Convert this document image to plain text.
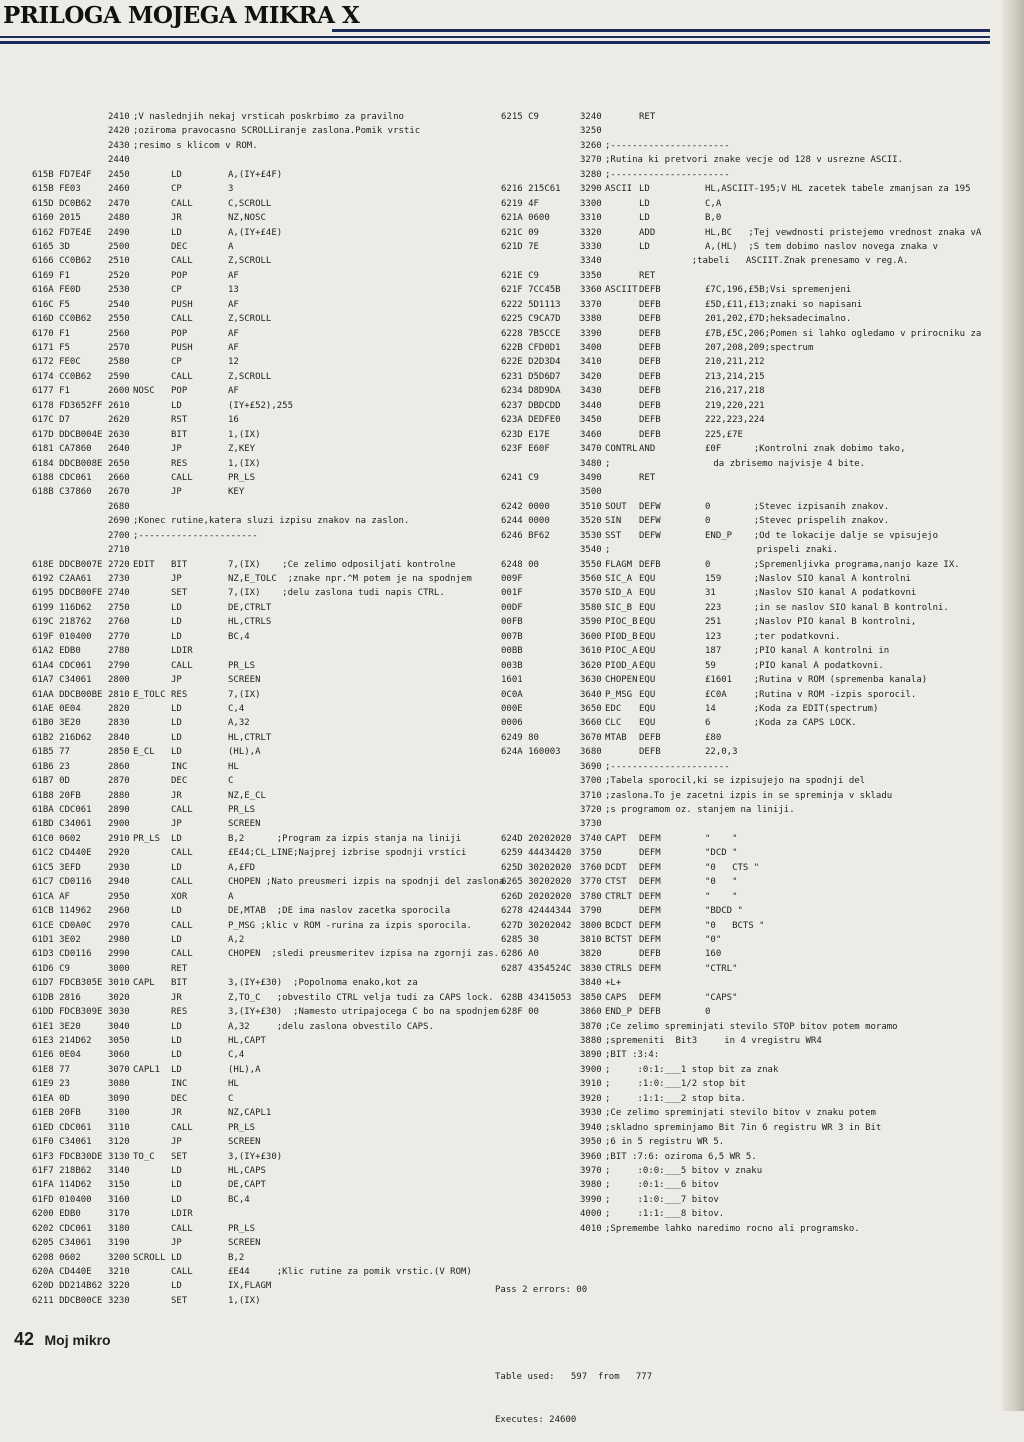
PRILOGA MOJEGA MIKRA X
2410 ;V naslednjih nekaj vrsticah poskrbimo za pravilno
2420 ;oziroma pravocasno SCROLLiranje zaslona.Pomik vrstic
2430 ;resimo s klicom v ROM.
2440
615B FD7E4F 2450	LD	A,(IY+£4F)
615B FE03	2460	CP	3
615D DC0B62 2470	CALL	C,SCROLL
6160 2015	2480	JR	NZ,NOSC
6162 FD7E4E 2490	LD	A,(IY+£4E)
6165 3D	2500	DEC	A
6166 CC0B62 2510	CALL	Z,SCROLL
6169 F1	2520	POP	AF
616A FE0D	2530	CP	13
616C F5	2540	PUSH	AF
616D CC0B62 2550	CALL	Z,SCROLL
6170 F1	2560	POP	AF
6171 F5	2570	PUSH	AF
6172 FE0C	2580	CP	12
6174 CC0B62 2590	CALL	Z,SCROLL
6177 F1	2600 NOSC POP	AF
6178 FD3652FF 2610	LD	(IY+£52),255
617C D7	2620	RST	16
617D DDCB004E 2630	BIT	1,(IX)
6181 CA7860 2640	JP	Z,KEY
6184 DDCB008E 2650	RES	1,(IX)
6188 CDC061 2660	CALL	PR_LS
618B C37860 2670	JP	KEY
2680
2690 ;Konec rutine,katera sluzi izpisu znakov na zaslon.
2700 ;----------------------
2710
618E DDCB007E 2720 EDIT BIT	7,(IX)    ;Ce zelimo odposiljati kontrolne
6192 C2AA61 2730	JP	NZ,E_TOLC  ;znake npr.^M potem je na spodnjem
6195 DDCB00FE 2740	SET	7,(IX)    ;delu zaslona tudi napis CTRL.
6199 116D62 2750	LD	DE,CTRLT
619C 218762 2760	LD	HL,CTRLS
619F 010400 2770	LD	BC,4
61A2 EDB0	2780	LDIR
61A4 CDC061 2790	CALL	PR_LS
61A7 C34061 2800	JP	SCREEN
61AA DDCB00BE 2810 E_TOLC RES	7,(IX)
61AE 0E04	2820	LD	C,4
61B0 3E20	2830	LD	A,32
61B2 216D62 2840	LD	HL,CTRLT
61B5 77	2850 E_CL LD	(HL),A
61B6 23	2860	INC	HL
61B7 0D	2870	DEC	C
61B8 20FB	2880	JR	NZ,E_CL
61BA CDC061 2890	CALL	PR_LS
61BD C34061 2900	JP	SCREEN
61C0 0602	2910 PR_LS LD	B,2      ;Program za izpis stanja na liniji
61C2 CD440E 2920	CALL	£E44;CL_LINE;Najprej izbrise spodnji vrstici
61C5 3EFD	2930	LD	A,£FD
61C7 CD0116 2940	CALL	CHOPEN ;Nato preusmeri izpis na spodnji del zaslona
61CA AF	2950	XOR	A
61CB 114962 2960	LD	DE,MTAB  ;DE ima naslov zacetka sporocila
61CE CD0A0C 2970	CALL	P_MSG ;klic v ROM -rurina za izpis sporocila.
61D1 3E02	2980	LD	A,2
61D3 CD0116 2990	CALL	CHOPEN  ;sledi preusmeritev izpisa na zgornji zas.
61D6 C9	3000	RET
61D7 FDCB305E 3010 CAPL BIT	3,(IY+£30)  ;Popolnoma enako,kot za
61DB 2816	3020	JR	Z,TO_C   ;obvestilo CTRL velja tudi za CAPS lock.
61DD FDCB309E 3030	RES	3,(IY+£30)  ;Namesto utripajocega C bo na spodnjem
61E1 3E20	3040	LD	A,32     ;delu zaslona obvestilo CAPS.
61E3 214D62 3050	LD	HL,CAPT
61E6 0E04	3060	LD	C,4
61E8 77	3070 CAPL1 LD	(HL),A
61E9 23	3080	INC	HL
61EA 0D	3090	DEC	C
61EB 20FB	3100	JR	NZ,CAPL1
61ED CDC061 3110	CALL	PR_LS
61F0 C34061 3120	JP	SCREEN
61F3 FDCB30DE 3130 TO_C SET	3,(IY+£30)
61F7 218B62 3140	LD	HL,CAPS
61FA 114D62 3150	LD	DE,CAPT
61FD 010400 3160	LD	BC,4
6200 EDB0	3170	LDIR
6202 CDC061 3180	CALL	PR_LS
6205 C34061 3190	JP	SCREEN
6208 0602	3200 SCROLL LD	B,2
620A CD440E 3210	CALL	£E44     ;Klic rutine za pomik vrstic.(V ROM)
620D DD214B62 3220	LD	IX,FLAGM
6211 DDCB00CE 3230	SET	1,(IX)
6215 C9	3240	RET
3250
3260 ;----------------------
3270 ;Rutina ki pretvori znake vecje od 128 v usrezne ASCII.
3280 ;----------------------
6216 215C61 3290 ASCII LD	HL,ASCIIT-195;V HL zacetek tabele zmanjsan za 195
6219 4F	3300	LD	C,A
621A 0600	3310	LD	B,0
621C 09	3320	ADD	HL,BC   ;Tej vewdnosti pristejemo vrednost znaka vA
621D 7E	3330	LD	A,(HL)  ;S tem dobimo naslov novega znaka v
3340 ;tabeli   ASCIIT.Znak prenesamo v reg.A.
621E C9	3350	RET
621F 7CC45B 3360 ASCIIT DEFB	£7C,196,£5B;Vsi spremenjeni
6222 5D1113 3370	DEFB	£5D,£11,£13;znaki so napisani
6225 C9CA7D 3380	DEFB	201,202,£7D;heksadecimalno.
6228 7B5CCE 3390	DEFB	£7B,£5C,206;Pomen si lahko ogledamo v prirocniku za
622B CFD0D1 3400	DEFB	207,208,209;spectrum
622E D2D3D4 3410	DEFB	210,211,212
6231 D5D6D7 3420	DEFB	213,214,215
6234 D8D9DA 3430	DEFB	216,217,218
6237 DBDCDD 3440	DEFB	219,220,221
623A DEDFE0 3450	DEFB	222,223,224
623D E17E	3460	DEFB	225,£7E
623F E60F	3470 CONTRL AND	£0F      ;Kontrolni znak dobimo tako,
3480 ;                   da zbrisemo najvisje 4 bite.
6241 C9	3490	RET
3500
6242 0000	3510 SOUT DEFW	0        ;Stevec izpisanih znakov.
6244 0000	3520 SIN DEFW	0        ;Stevec prispelih znakov.
6246 BF62	3530 SST DEFW	END_P    ;Od te lokacije dalje se vpisujejo
3540 ;                           prispeli znaki.
6248 00	3550 FLAGM DEFB	0        ;Spremenljivka programa,nanjo kaze IX.
009F	3560 SIC_A EQU	159      ;Naslov SIO kanal A kontrolni
001F	3570 SID_A EQU	31       ;Naslov SIO kanal A podatkovni
00DF	3580 SIC_B EQU	223      ;in se naslov SIO kanal B kontrolni.
00FB	3590 PIOC_B EQU	251      ;Naslov PIO kanal B kontrolni,
007B	3600 PIOD_B EQU	123      ;ter podatkovni.
00BB	3610 PIOC_A EQU	187      ;PIO kanal A kontrolni in
003B	3620 PIOD_A EQU	59       ;PIO kanal A podatkovni.
1601	3630 CHOPEN EQU	£1601    ;Rutina v ROM (spremenba kanala)
0C0A	3640 P_MSG EQU	£C0A     ;Rutina v ROM -izpis sporocil.
000E	3650 EDC EQU	14       ;Koda za EDIT(spectrum)
0006	3660 CLC EQU	6        ;Koda za CAPS LOCK.
6249 80	3670 MTAB DEFB	£80
624A 160003 3680	DEFB	22,0,3
3690 ;----------------------
3700 ;Tabela sporocil,ki se izpisujejo na spodnji del
3710 ;zaslona.To je zacetni izpis in se spreminja v skladu
3720 ;s programom oz. stanjem na liniji.
3730
624D 20202020 3740 CAPT DEFM	"    "
6259 44434420 3750	DEFM	"DCD "
625D 30202020 3760 DCDT DEFM	"0   CTS "
6265 30202020 3770 CTST DEFM	"0   "
626D 20202020 3780 CTRLT DEFM	"    "
6278 42444344 3790	DEFM	"BDCD "
627D 30202042 3800 BCDCT DEFM	"0   BCTS "
6285 30	3810 BCTST DEFM	"0"
6286 A0	3820	DEFB	160
6287 4354524C 3830 CTRLS DEFM	"CTRL"
3840 +L+
628B 43415053 3850 CAPS DEFM	"CAPS"
628F 00	3860 END_P DEFB	0
3870 ;Ce zelimo spreminjati stevilo STOP bitov potem moramo
3880 ;spremeniti  Bit3     in 4 vregistru WR4
3890 ;BIT :3:4:
3900 ;     :0:1:___1 stop bit za znak
3910 ;     :1:0:___1/2 stop bit
3920 ;     :1:1:___2 stop bita.
3930 ;Ce zelimo spreminjati stevilo bitov v znaku potem
3940 ;skladno spreminjamo Bit 7in 6 registru WR 3 in Bit
3950 ;6 in 5 registru WR 5.
3960 ;BIT :7:6: oziroma 6,5 WR 5.
3970 ;     :0:0:___5 bitov v znaku
3980 ;     :0:1:___6 bitov
3990 ;     :1:0:___7 bitov
4000 ;     :1:1:___8 bitov.
4010 ;Spremembe lahko naredimo rocno ali programsko.

Pass 2 errors: 00

Table used:   597  from   777

Executes: 24600

42 Moj mikro
